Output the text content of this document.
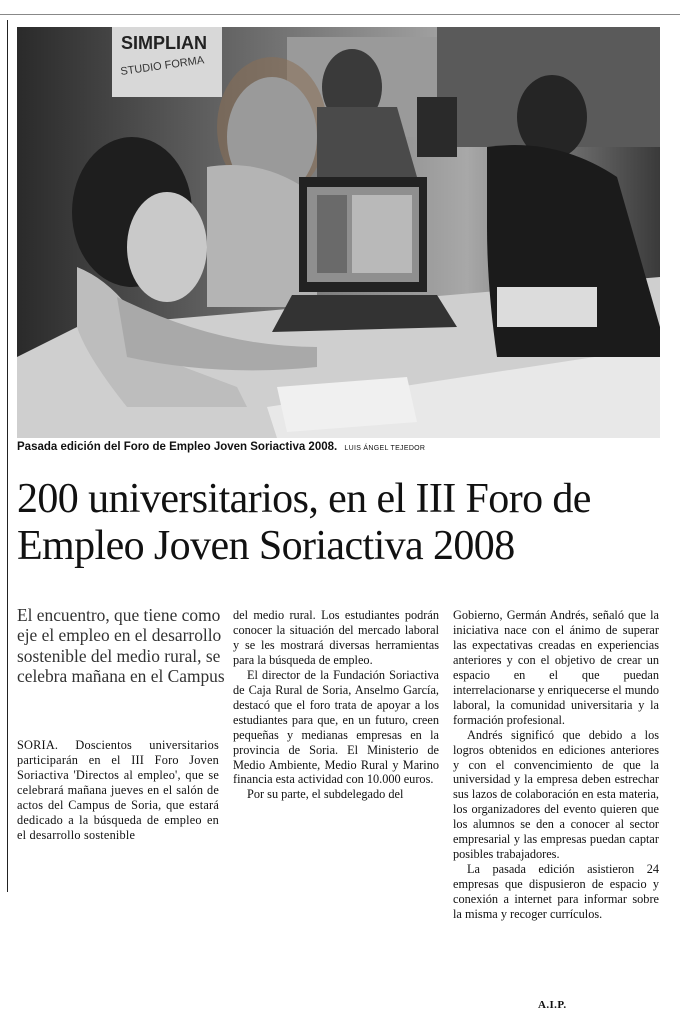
SIMPLIAN
STUDIO FORMA
Pasada edición del Foro de Empleo Joven Soriactiva 2008. LUIS ÁNGEL TEJEDOR
200 universitarios, en el III Foro de
Empleo Joven Soriactiva 2008
El encuentro, que tiene como eje el empleo en el desarrollo sostenible del medio rural, se celebra mañana en el Campus

SORIA. Doscientos universitarios participarán en el III Foro Joven Soriactiva 'Directos al empleo', que se celebrará mañana jueves en el salón de actos del Campus de Soria, que estará dedicado a la búsqueda de empleo en el desarrollo sostenible

del medio rural. Los estudiantes podrán conocer la situación del mercado laboral y se les mostrará diversas herramientas para la búsqueda de empleo.

El director de la Fundación Soriactiva de Caja Rural de Soria, Anselmo García, destacó que el foro trata de apoyar a los estudiantes para que, en un futuro, creen pequeñas y medianas empresas en la provincia de Soria. El Ministerio de Medio Ambiente, Medio Rural y Marino financia esta actividad con 10.000 euros.

Por su parte, el subdelegado del

Gobierno, Germán Andrés, señaló que la iniciativa nace con el ánimo de superar las expectativas creadas en experiencias anteriores y con el objetivo de crear un espacio en el que puedan interrelacionarse y enriquecerse el mundo laboral, la comunidad universitaria y la formación profesional.

Andrés significó que debido a los logros obtenidos en ediciones anteriores y con el convencimiento de que la universidad y la empresa deben estrechar sus lazos de colaboración en esta materia, los organizadores del evento quieren que los alumnos se den a conocer al sector empresarial y las empresas puedan captar posibles trabajadores.

La pasada edición asistieron 24 empresas que dispusieron de espacio y conexión a internet para informar sobre la misma y recoger currículos.

A.I.P.
